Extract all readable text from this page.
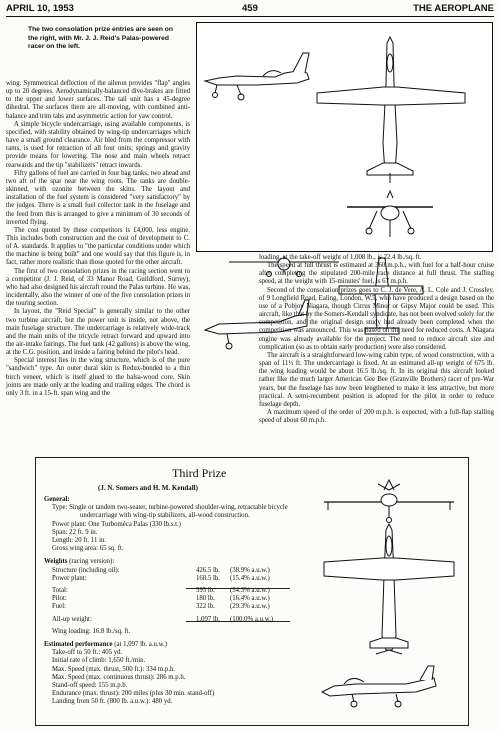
APRIL 10, 1953	459	THE AEROPLANE
The two consolation prize entries are seen on the right, with Mr. J. J. Reid's Palas-powered racer on the left.

wing. Symmetrical deflection of the aileron provides "flap" angles up to 20 degrees. Aerodynamically-balanced dive-brakes are fitted to the upper and lower surfaces. The tail unit has a 45-degree dihedral. The surfaces there are all-moving, with combined anti-balance and trim tabs and asymmetric action for yaw control.

A simple bicycle undercarriage, using available components, is specified, with stability obtained by wing-tip undercarriages which have a small ground clearance. Air bled from the compressor with rams, is used for retraction of all four units; springs and gravity provide means for lowering. The nose and main wheels retract rearwards and the tip "stabilizers" retract inwards.

Fifty gallons of fuel are carried in four bag tanks, two ahead and two aft of the spar near the wing roots. The tanks are double-skinned, with ozonite between the skins. The layout and installation of the fuel system is considered "very satisfactory" by the judges. There is a small fuel collector tank in the fuselage and the feed from this is arranged to give a minimum of 30 seconds of inverted flying.

The cost quoted by these competitors is £4,000, less engine. This includes both construction and the cost of development to C. of A. standards. It applies to "the particular conditions under which the machine is being built" and one would say that this figure is, in fact, rather more realistic than those quoted for the other aircraft.

The first of two consolation prizes in the racing section went to a competitor (J. J. Reid, of 33 Manor Road, Guildford, Surrey), who had also designed his aircraft round the Palas turbine. He was, incidentally, also the winner of one of the five consolation prizes in the touring section.

In layout, the "Reid Special" is generally similar to the other two turbine aircraft, but the power unit is inside, not above, the main fuselage structure. The undercarriage is relatively wide-track and the main units of the tricycle retract forward and upward into the air-intake fairings. The fuel tank (42 gallons) is above the wing, at the C.G. position, and inside a fairing behind the pilot's head.

Special interest lies in the wing structure, which is of the pure "sandwich" type. An outer dural skin is Redux-bonded to a thin birch veneer, which is itself glued to the balsa-wood core. Skin joints are made only at the leading and trailing edges. The chord is only 3 ft. in a 15-ft. span wing and the

loading, at the take-off weight of 1,008 lb., is 22.4 lb./sq. ft.

The speed at full thrust is estimated at 360 m.p.h., with fuel for a half-hour cruise after completing the stipulated 200-mile race distance at full thrust. The stalling speed, at the weight with 15-minutes' fuel, is 67 m.p.h.

Second of the consolation prizes goes to C. J. de Vere, A. L. Cole and J. Crossley, of 9 Longfield Road, Ealing, London, W.5, who have produced a design based on the use of a Pobjoy Niagara, though Cirrus Minor or Gipsy Major could be used. This aircraft, like that by the Somers-Kendall syndicate, has not been evolved solely for the competition, and the original design study had already been completed when the competition was announced. This was based on the need for reduced costs. A Niagara engine was already available for the project. The need to reduce aircraft size and complication (so as to obtain early production) were also considered.

The aircraft is a straightforward low-wing cabin type, of wood construction, with a span of 11½ ft. The undercarriage is fixed. At an estimated all-up weight of 675 lb. the wing loading would be about 16.5 lb./sq. ft. In its original this aircraft looked rather like the much larger American Gee Bee (Granville Brothers) racer of pre-War years, but the fuselage has now been lengthened to make it less attractive, but more practical. A semi-recumbent position is adopted for the pilot in order to reduce fuselage depth.

A maximum speed of the order of 200 m.p.h. is expected, with a full-flap stalling speed of about 60 m.p.h.

Third Prize
(J. N. Somers and H. M. Kendall)
General:
Type: Single or tandem two-seater, turbine-powered shoulder-wing, retractable bicycle undercarriage with wing-tip stabilizers, all-wood construction.
Power plant: One Turboméca Palas (330 lb.s.t.)
Span: 22 ft. 9 in.
Length: 20 ft. 11 in.
Gross wing area: 65 sq. ft.
Weights (racing version):
Structure (including oil):	426.5 lb. (38.9% a.u.w.)
Power plant:	168.5 lb. (15.4% a.u.w.)
Total:	595 lb. (54.3% a.u.w.)
Pilot:	180 lb. (16.4% a.u.w.)
Fuel:	322 lb. (29.3% a.u.w.)
All-up weight:	1,097 lb. (100.0% a.u.w.)
Wing loading: 16.8 lb./sq. ft.
Estimated performance (at 1,097 lb. a.u.w.)
Take-off to 50 ft.: 405 yd.
Initial rate of climb: 1,650 ft./min.
Max. Speed (max. thrust, 500 ft.): 334 m.p.h.
Max. Speed (max. continuous thrust): 286 m.p.h.
Stand-off speed: 155 m.p.h.
Endurance (max. thrust): 200 miles (plus 30 min. stand-off)
Landing from 50 ft. (800 lb. a.u.w.): 480 yd.
